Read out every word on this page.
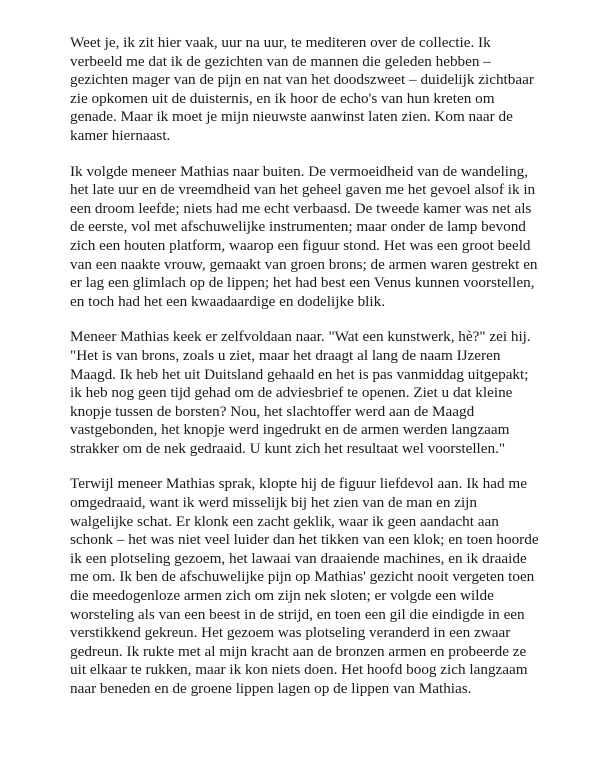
Weet je, ik zit hier vaak, uur na uur, te mediteren over de collectie. Ik verbeeld me dat ik de gezichten van de mannen die geleden hebben – gezichten mager van de pijn en nat van het doodszweet – duidelijk zichtbaar zie opkomen uit de duisternis, en ik hoor de echo's van hun kreten om genade. Maar ik moet je mijn nieuwste aanwinst laten zien. Kom naar de kamer hiernaast.

Ik volgde meneer Mathias naar buiten. De vermoeidheid van de wandeling, het late uur en de vreemdheid van het geheel gaven me het gevoel alsof ik in een droom leefde; niets had me echt verbaasd. De tweede kamer was net als de eerste, vol met afschuwelijke instrumenten; maar onder de lamp bevond zich een houten platform, waarop een figuur stond. Het was een groot beeld van een naakte vrouw, gemaakt van groen brons; de armen waren gestrekt en er lag een glimlach op de lippen; het had best een Venus kunnen voorstellen, en toch had het een kwaadaardige en dodelijke blik.

Meneer Mathias keek er zelfvoldaan naar. "Wat een kunstwerk, hè?" zei hij. "Het is van brons, zoals u ziet, maar het draagt al lang de naam IJzeren Maagd. Ik heb het uit Duitsland gehaald en het is pas vanmiddag uitgepakt; ik heb nog geen tijd gehad om de adviesbrief te openen. Ziet u dat kleine knopje tussen de borsten? Nou, het slachtoffer werd aan de Maagd vastgebonden, het knopje werd ingedrukt en de armen werden langzaam strakker om de nek gedraaid. U kunt zich het resultaat wel voorstellen."

Terwijl meneer Mathias sprak, klopte hij de figuur liefdevol aan. Ik had me omgedraaid, want ik werd misselijk bij het zien van de man en zijn walgelijke schat. Er klonk een zacht geklik, waar ik geen aandacht aan schonk – het was niet veel luider dan het tikken van een klok; en toen hoorde ik een plotseling gezoem, het lawaai van draaiende machines, en ik draaide me om. Ik ben de afschuwelijke pijn op Mathias' gezicht nooit vergeten toen die meedogenloze armen zich om zijn nek sloten; er volgde een wilde worsteling als van een beest in de strijd, en toen een gil die eindigde in een verstikkend gekreun. Het gezoem was plotseling veranderd in een zwaar gedreun. Ik rukte met al mijn kracht aan de bronzen armen en probeerde ze uit elkaar te rukken, maar ik kon niets doen. Het hoofd boog zich langzaam naar beneden en de groene lippen lagen op de lippen van Mathias.
